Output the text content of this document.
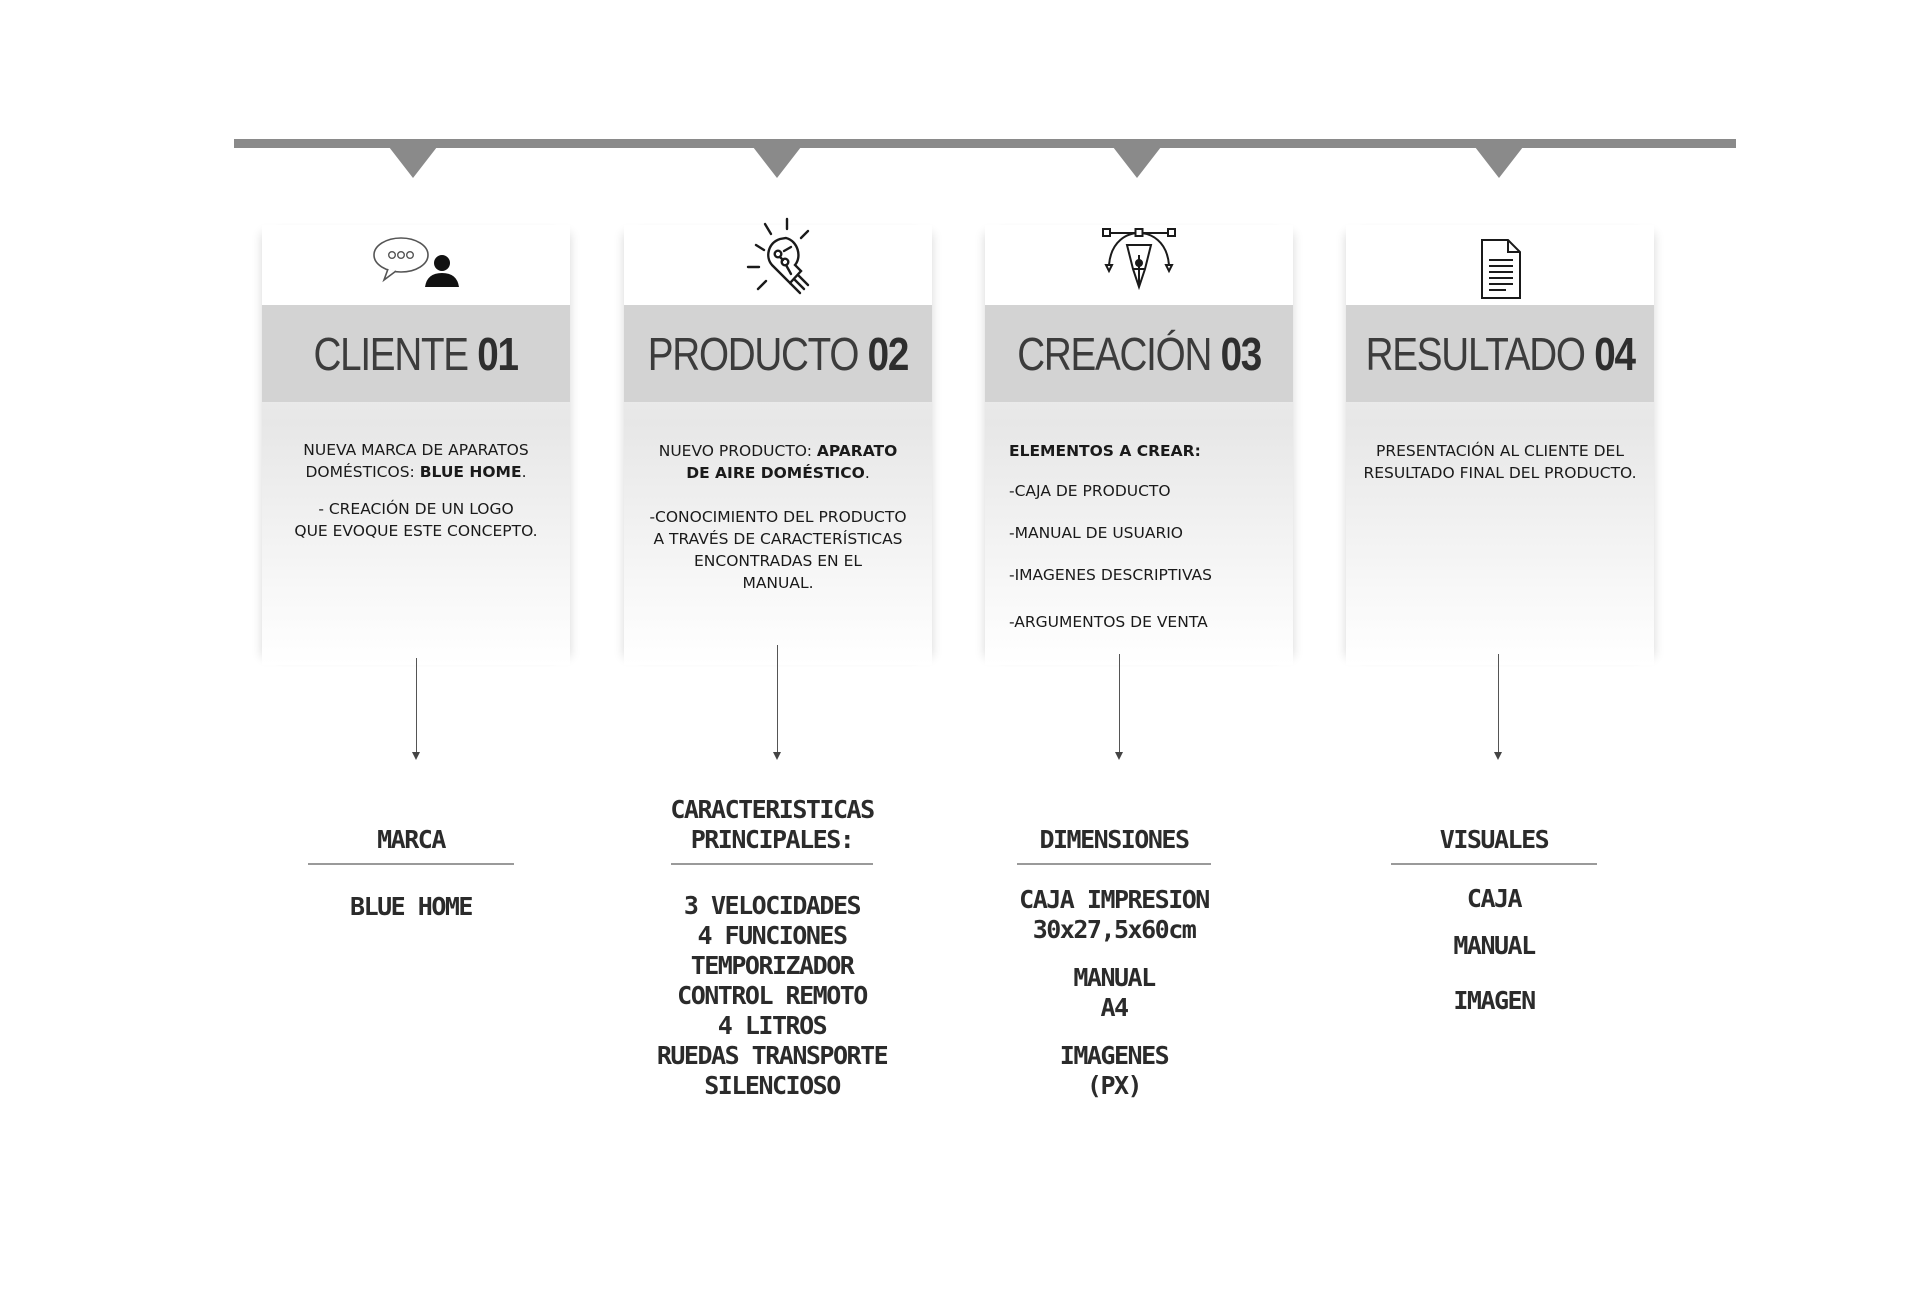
CLIENTE 01
NUEVA MARCA DE APARATOS
DOMÉSTICOS: BLUE HOME.
- CREACIÓN DE UN LOGO
QUE EVOQUE ESTE CONCEPTO.
PRODUCTO 02
NUEVO PRODUCTO: APARATO
DE AIRE DOMÉSTICO.
-CONOCIMIENTO DEL PRODUCTO
A TRAVÉS DE CARACTERÍSTICAS
ENCONTRADAS EN EL
MANUAL.
CREACIÓN 03
ELEMENTOS A CREAR:
-CAJA DE PRODUCTO
-MANUAL DE USUARIO
-IMAGENES DESCRIPTIVAS
-ARGUMENTOS DE VENTA
RESULTADO 04
PRESENTACIÓN AL CLIENTE DEL
RESULTADO FINAL DEL PRODUCTO.
MARCA
BLUE HOME
CARACTERISTICAS
PRINCIPALES:
3 VELOCIDADES
4 FUNCIONES
TEMPORIZADOR
CONTROL REMOTO
4 LITROS
RUEDAS TRANSPORTE
SILENCIOSO
DIMENSIONES
CAJA IMPRESION
30x27,5x60cm
MANUAL
A4
IMAGENES
(PX)
VISUALES
CAJA
MANUAL
IMAGEN
